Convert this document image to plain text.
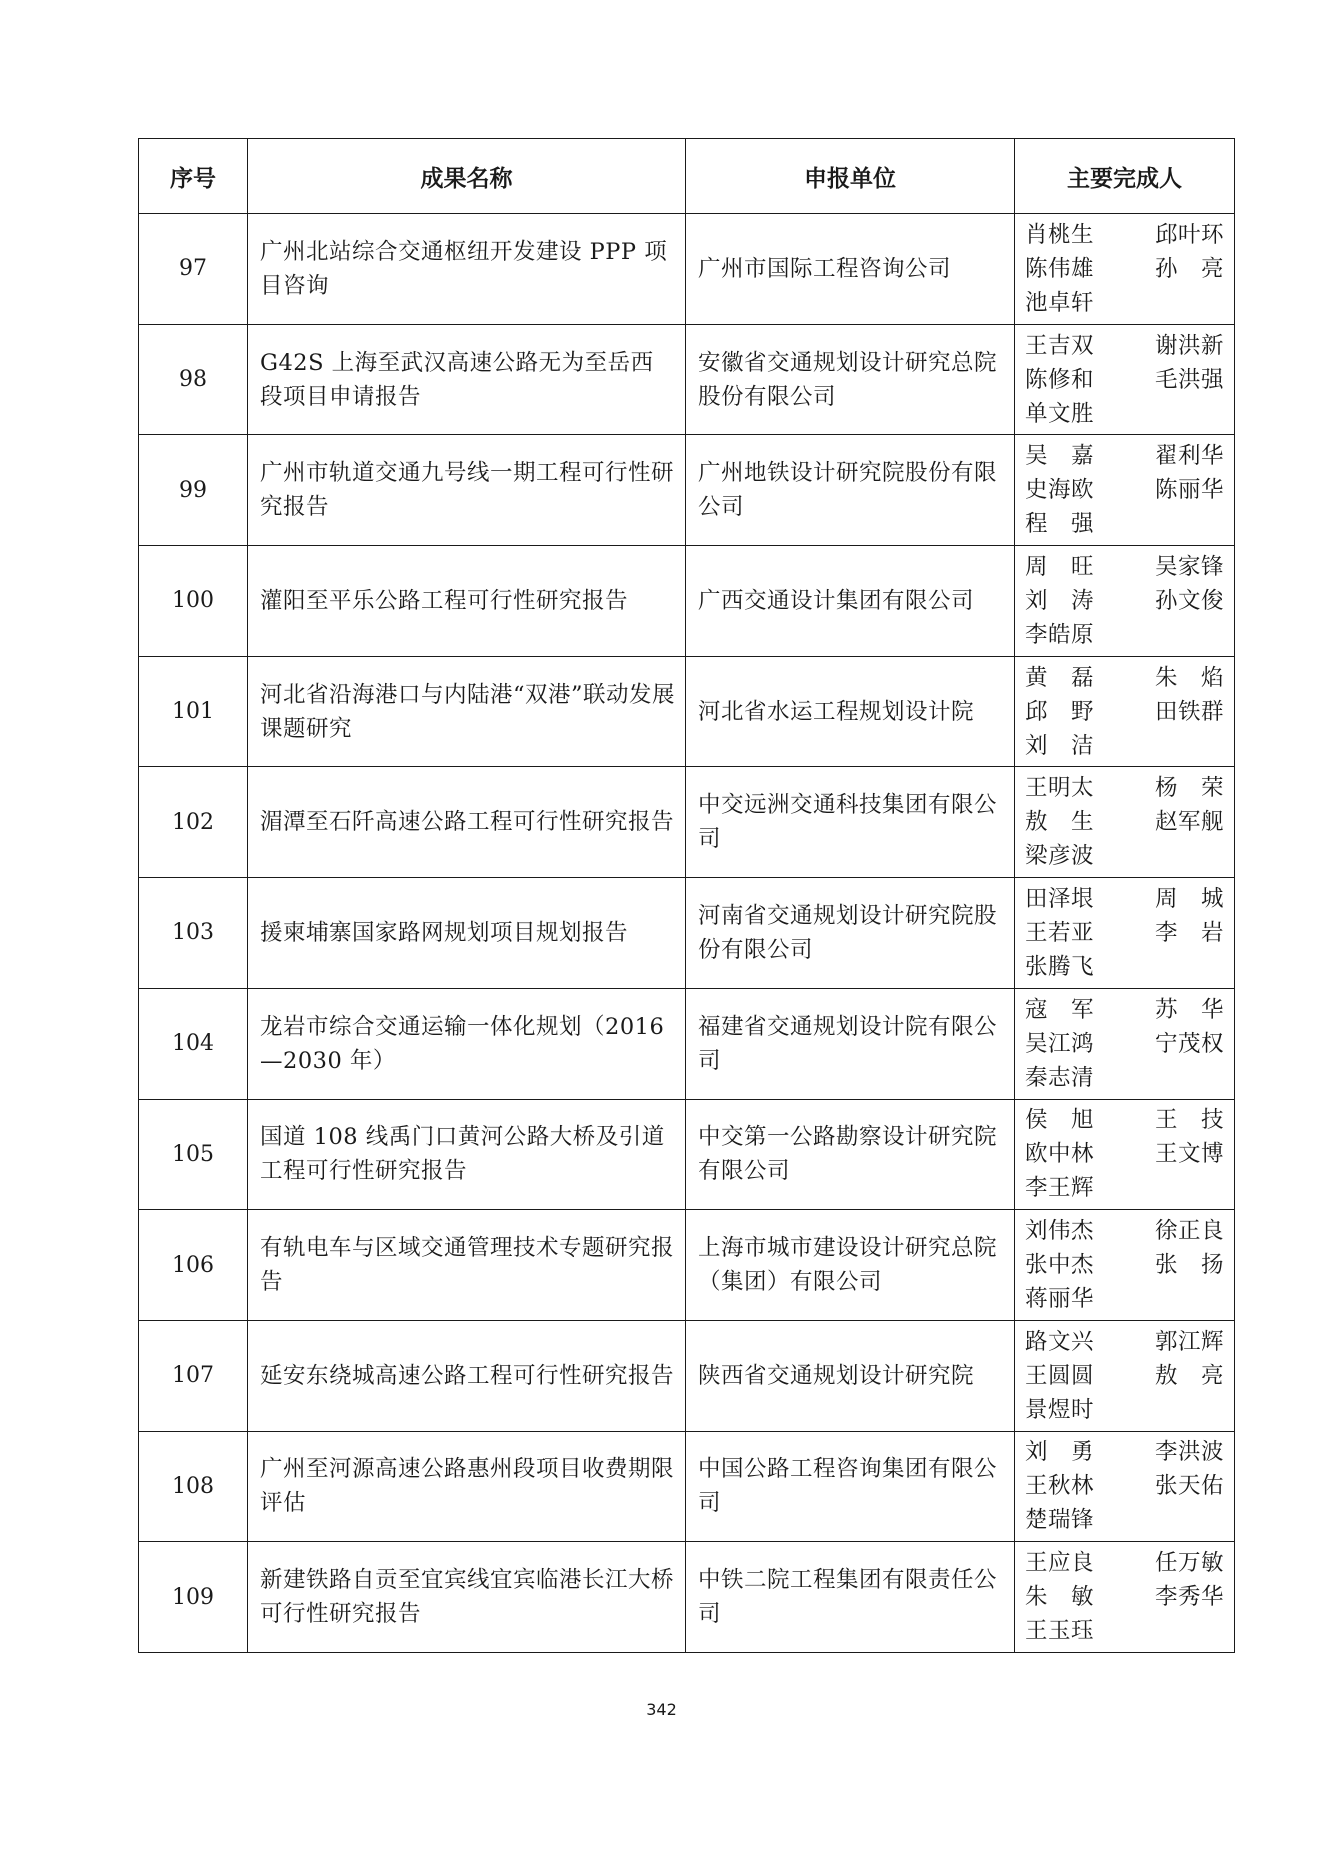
序号	成果名称	申报单位	主要完成人
97	广州北站综合交通枢纽开发建设 PPP 项目咨询	广州市国际工程咨询公司	肖桃生 邱叶环
陈伟雄 孙　亮
池卓轩

98	G42S 上海至武汉高速公路无为至岳西段项目申请报告	安徽省交通规划设计研究总院股份有限公司	王吉双 谢洪新
陈修和 毛洪强
单文胜

99	广州市轨道交通九号线一期工程可行性研究报告	广州地铁设计研究院股份有限公司	吴　嘉 翟利华
史海欧 陈丽华
程　强

100	灌阳至平乐公路工程可行性研究报告	广西交通设计集团有限公司	周　旺 吴家锋
刘　涛 孙文俊
李皓原

101	河北省沿海港口与内陆港“双港”联动发展课题研究	河北省水运工程规划设计院	黄　磊 朱　焰
邱　野 田铁群
刘　洁

102	湄潭至石阡高速公路工程可行性研究报告	中交远洲交通科技集团有限公司	王明太 杨　荣
敖　生 赵军舰
梁彦波

103	援柬埔寨国家路网规划项目规划报告	河南省交通规划设计研究院股份有限公司	田泽垠 周　城
王若亚 李　岩
张腾飞

104	龙岩市综合交通运输一体化规划（2016—2030 年）	福建省交通规划设计院有限公司	寇　军 苏　华
吴江鸿 宁茂权
秦志清

105	国道 108 线禹门口黄河公路大桥及引道工程可行性研究报告	中交第一公路勘察设计研究院有限公司	侯　旭 王　技
欧中林 王文博
李王辉

106	有轨电车与区域交通管理技术专题研究报告	上海市城市建设设计研究总院（集团）有限公司	刘伟杰 徐正良
张中杰 张　扬
蒋丽华

107	延安东绕城高速公路工程可行性研究报告	陕西省交通规划设计研究院	路文兴 郭江辉
王圆圆 敖　亮
景煜时

108	广州至河源高速公路惠州段项目收费期限评估	中国公路工程咨询集团有限公司	刘　勇 李洪波
王秋林 张天佑
楚瑞锋

109	新建铁路自贡至宜宾线宜宾临港长江大桥可行性研究报告	中铁二院工程集团有限责任公司	王应良 任万敏
朱　敏 李秀华
王玉珏
342
